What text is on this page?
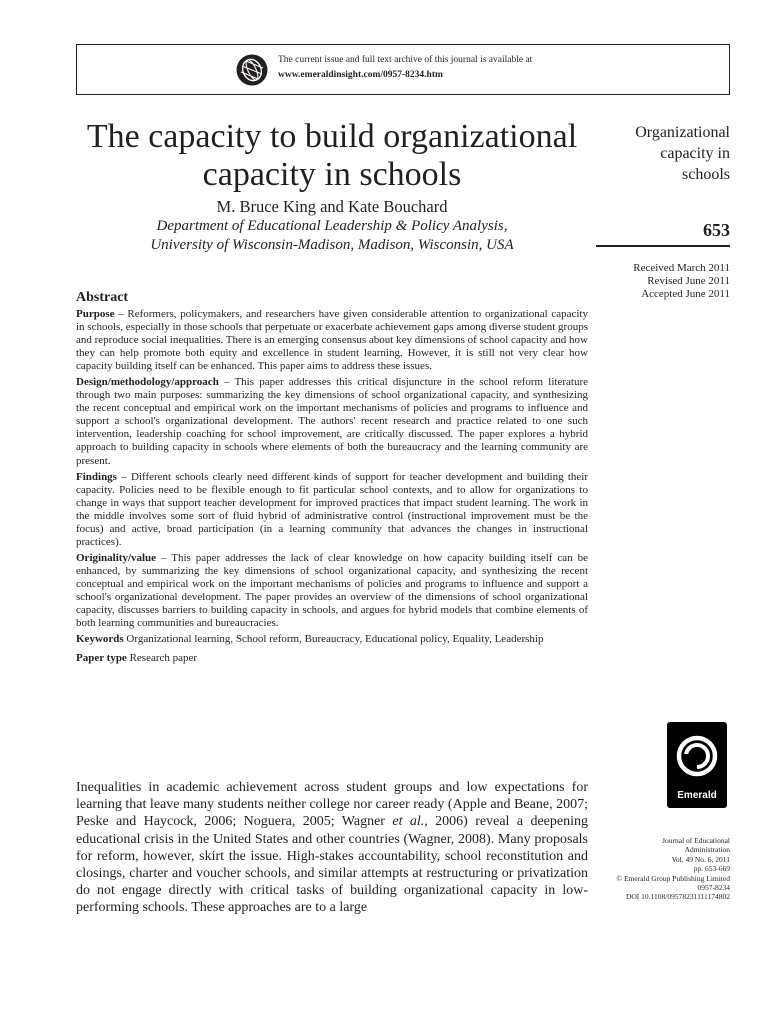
The current issue and full text archive of this journal is available at
www.emeraldinsight.com/0957-8234.htm
The capacity to build organizational capacity in schools
M. Bruce King and Kate Bouchard
Department of Educational Leadership & Policy Analysis,
University of Wisconsin-Madison, Madison, Wisconsin, USA
Organizational
capacity in
schools
653
Received March 2011
Revised June 2011
Accepted June 2011
Abstract

Purpose – Reformers, policymakers, and researchers have given considerable attention to organizational capacity in schools, especially in those schools that perpetuate or exacerbate achievement gaps among diverse student groups and reproduce social inequalities. There is an emerging consensus about key dimensions of school capacity and how they can help promote both equity and excellence in student learning. However, it is still not very clear how capacity building itself can be enhanced. This paper aims to address these issues.

Design/methodology/approach – This paper addresses this critical disjuncture in the school reform literature through two main purposes: summarizing the key dimensions of school organizational capacity, and synthesizing the recent conceptual and empirical work on the important mechanisms of policies and programs to influence and support a school's organizational development. The authors' recent research and practice related to one such intervention, leadership coaching for school improvement, are critically discussed. The paper explores a hybrid approach to building capacity in schools where elements of both the bureaucracy and the learning community are present.

Findings – Different schools clearly need different kinds of support for teacher development and building their capacity. Policies need to be flexible enough to fit particular school contexts, and to allow for organizations to change in ways that support teacher development for improved practices that impact student learning. The work in the middle involves some sort of fluid hybrid of administrative control (instructional improvement must be the focus) and active, broad participation (in a learning community that advances the changes in instructional practices).

Originality/value – This paper addresses the lack of clear knowledge on how capacity building itself can be enhanced, by summarizing the key dimensions of school organizational capacity, and synthesizing the recent conceptual and empirical work on the important mechanisms of policies and programs to influence and support a school's organizational development. The paper provides an overview of the dimensions of school organizational capacity, discusses barriers to building capacity in schools, and argues for hybrid models that combine elements of both learning communities and bureaucracies.

Keywords Organizational learning, School reform, Bureaucracy, Educational policy, Equality, Leadership

Paper type Research paper

Inequalities in academic achievement across student groups and low expectations for learning that leave many students neither college nor career ready (Apple and Beane, 2007; Peske and Haycock, 2006; Noguera, 2005; Wagner et al., 2006) reveal a deepening educational crisis in the United States and other countries (Wagner, 2008). Many proposals for reform, however, skirt the issue. High-stakes accountability, school reconstitution and closings, charter and voucher schools, and similar attempts at restructuring or privatization do not engage directly with critical tasks of building organizational capacity in low-performing schools. These approaches are to a large
Emerald
Journal of Educational
Administration
Vol. 49 No. 6, 2011
pp. 653-669
© Emerald Group Publishing Limited
0957-8234
DOI 10.1108/09578231111174802
